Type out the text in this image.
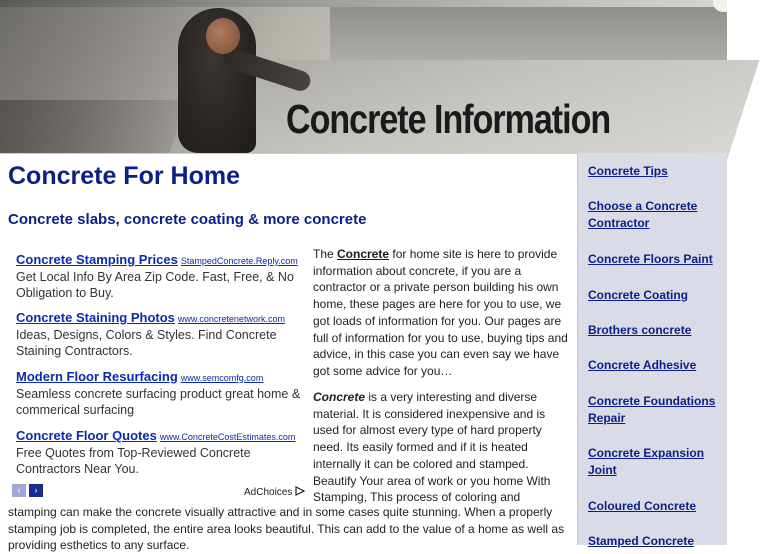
Concrete Information
Concrete For Home
Concrete slabs, concrete coating & more concrete
Concrete Stamping Prices StampedConcrete.Reply.com
Get Local Info By Area Zip Code. Fast, Free, & No Obligation to Buy.
Concrete Staining Photos www.concretenetwork.com
Ideas, Designs, Colors & Styles. Find Concrete Staining Contractors.
Modern Floor Resurfacing www.semcomfg.com
Seamless concrete surfacing product great home & commerical surfacing
Concrete Floor Quotes www.ConcreteCostEstimates.com
Free Quotes from Top-Reviewed Concrete Contractors Near You.
‹	›	AdChoices
The Concrete for home site is here to provide information about concrete, if you are a contractor or a private person building his own home, these pages are here for you to use, we got loads of information for you. Our pages are full of information for you to use, buying tips and advice, in this case you can even say we have got some advice for you…
Concrete is a very interesting and diverse material. It is considered inexpensive and is used for almost every type of hard property need. Its easily formed and if it is heated internally it can be colored and stamped. Beautify Your area of work or you home With Stamping, This process of coloring and
stamping can make the concrete visually attractive and in some cases quite stunning. When a properly stamping job is completed, the entire area looks beautiful. This can add to the value of a home as well as providing esthetics to any surface.
Concrete Tips
Choose a Concrete Contractor
Concrete Floors Paint
Concrete Coating
Brothers concrete
Concrete Adhesive
Concrete Foundations Repair
Concrete Expansion Joint
Coloured Concrete
Stamped Concrete
